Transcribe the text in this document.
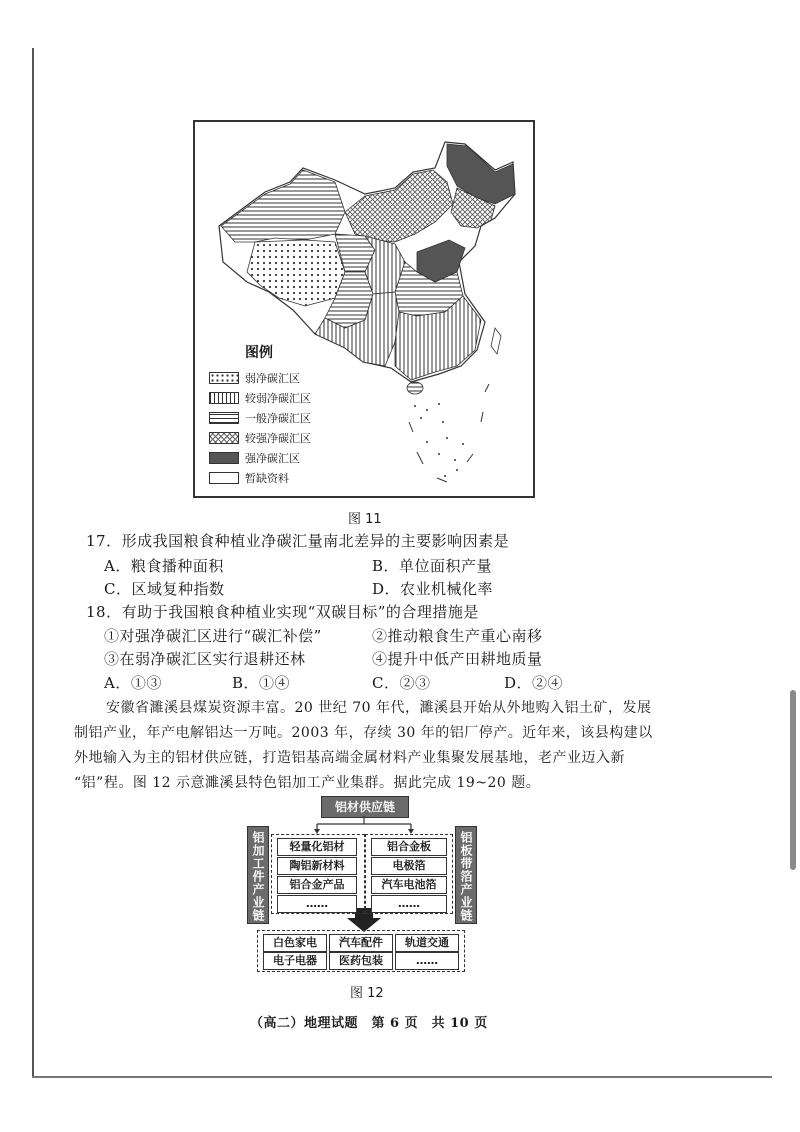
图例
弱净碳汇区
较弱净碳汇区
一般净碳汇区
较强净碳汇区
强净碳汇区
暂缺资料
图 11
17．形成我国粮食种植业净碳汇量南北差异的主要影响因素是
A．粮食播种面积	B．单位面积产量
C．区域复种指数	D．农业机械化率
18．有助于我国粮食种植业实现“双碳目标”的合理措施是
①对强净碳汇区进行“碳汇补偿”	②推动粮食生产重心南移
③在弱净碳汇区实行退耕还林	④提升中低产田耕地质量
A．①③	B．①④	C．②③	D．②④
安徽省濉溪县煤炭资源丰富。20 世纪 70 年代，濉溪县开始从外地购入铝土矿，发展
制铝产业，年产电解铝达一万吨。2003 年，存续 30 年的铝厂停产。近年来，该县构建以
外地输入为主的铝材供应链，打造铝基高端金属材料产业集聚发展基地，老产业迈入新
“铝”程。图 12 示意濉溪县特色铝加工产业集群。据此完成 19~20 题。
铝材供应链
铝加工件产业链	铝板带箔产业链
轻量化铝材
陶铝新材料
铝合金产品
……
铝合金板
电极箔
汽车电池箔
……
白色家电	汽车配件	轨道交通
电子电器	医药包装	……
图 12
（高二）地理试题　第 6 页　共 10 页
